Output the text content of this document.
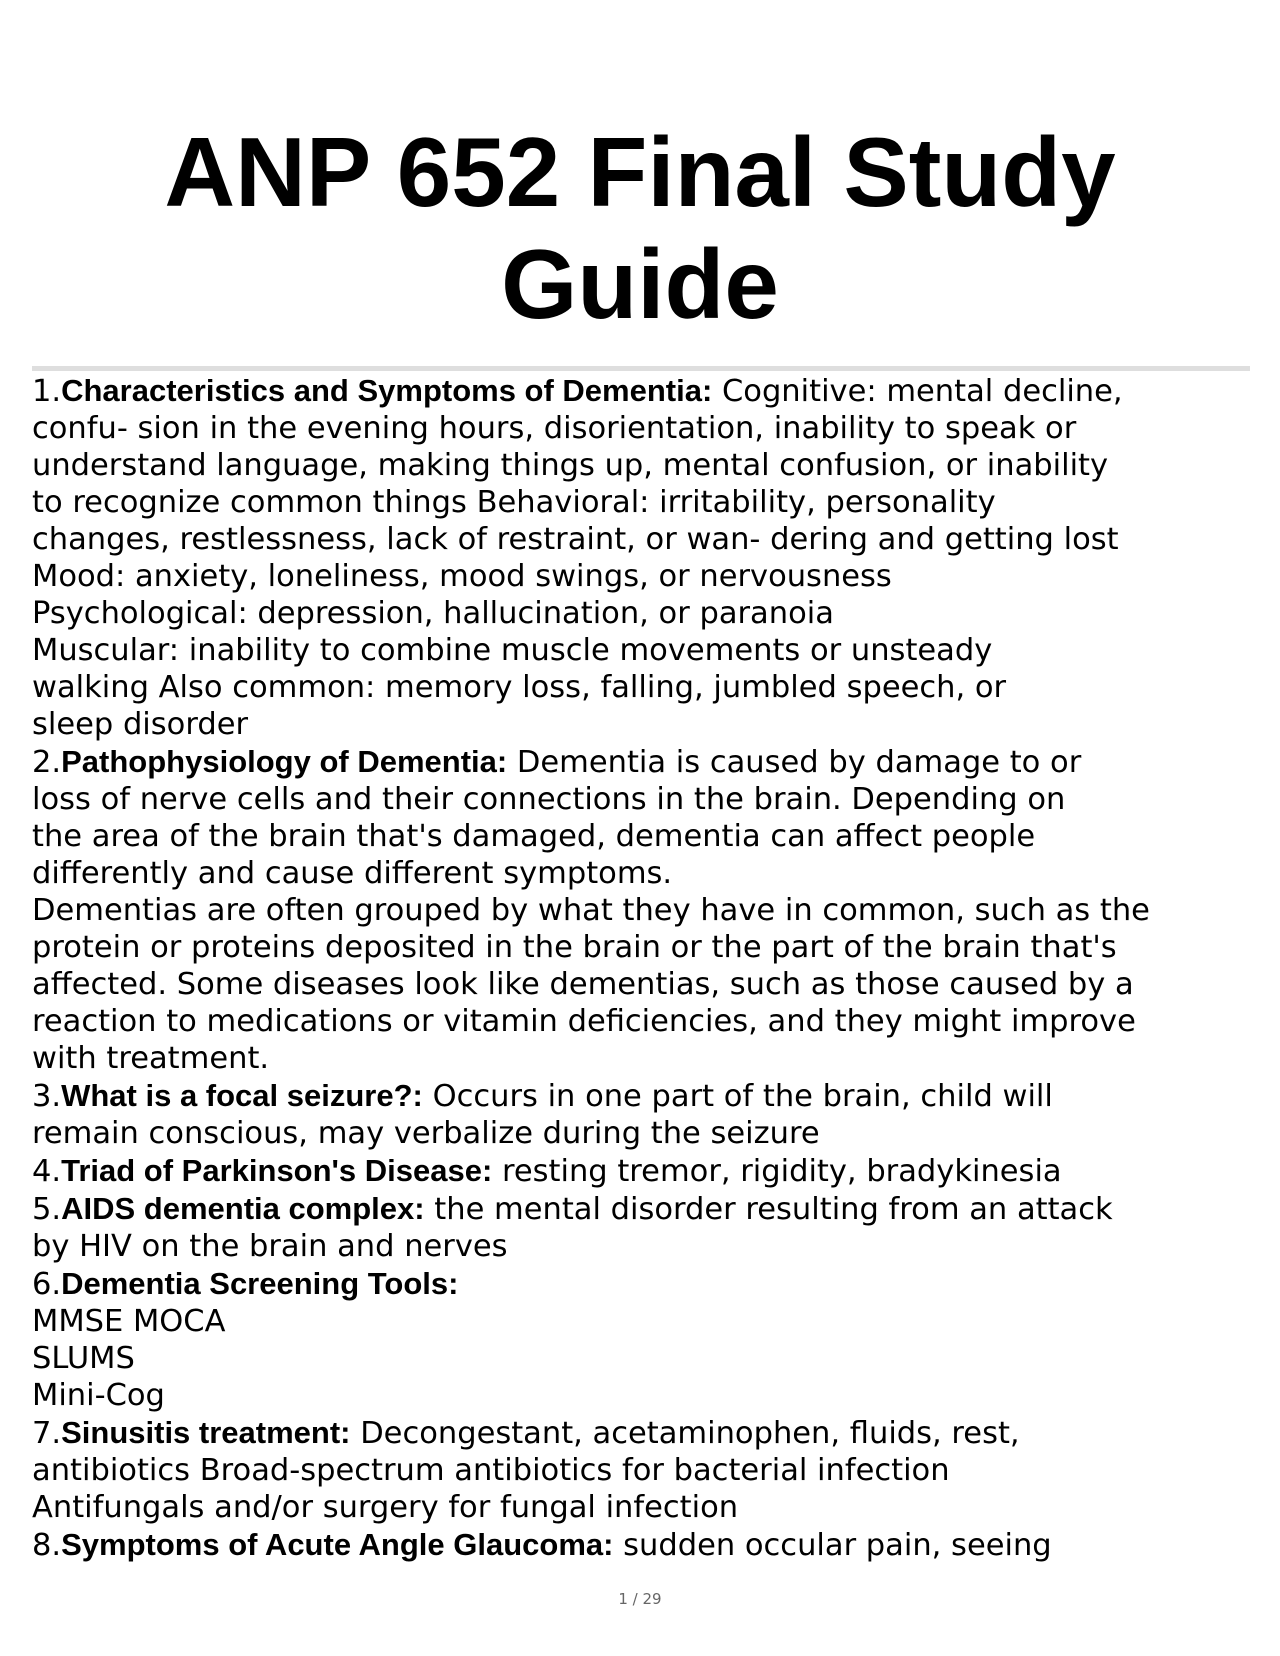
ANP 652 Final Study
Guide
1.Characteristics and Symptoms of Dementia: Cognitive: mental decline,
confu- sion in the evening hours, disorientation, inability to speak or
understand language, making things up, mental confusion, or inability
to recognize common things Behavioral: irritability, personality
changes, restlessness, lack of restraint, or wan- dering and getting lost
Mood: anxiety, loneliness, mood swings, or nervousness
Psychological: depression, hallucination, or paranoia
Muscular: inability to combine muscle movements or unsteady
walking Also common: memory loss, falling, jumbled speech, or
sleep disorder
2.Pathophysiology of Dementia: Dementia is caused by damage to or
loss of nerve cells and their connections in the brain. Depending on
the area of the brain that's damaged, dementia can affect people
differently and cause different symptoms.
Dementias are often grouped by what they have in common, such as the
protein or proteins deposited in the brain or the part of the brain that's
affected. Some diseases look like dementias, such as those caused by a
reaction to medications or vitamin deficiencies, and they might improve
with treatment.
3.What is a focal seizure?: Occurs in one part of the brain, child will
remain conscious, may verbalize during the seizure
4.Triad of Parkinson's Disease: resting tremor, rigidity, bradykinesia
5.AIDS dementia complex: the mental disorder resulting from an attack
by HIV on the brain and nerves
6.Dementia Screening Tools:
MMSE MOCA
SLUMS
Mini-Cog
7.Sinusitis treatment: Decongestant, acetaminophen, fluids, rest,
antibiotics Broad-spectrum antibiotics for bacterial infection
Antifungals and/or surgery for fungal infection
8.Symptoms of Acute Angle Glaucoma: sudden occular pain, seeing
1 / 29
